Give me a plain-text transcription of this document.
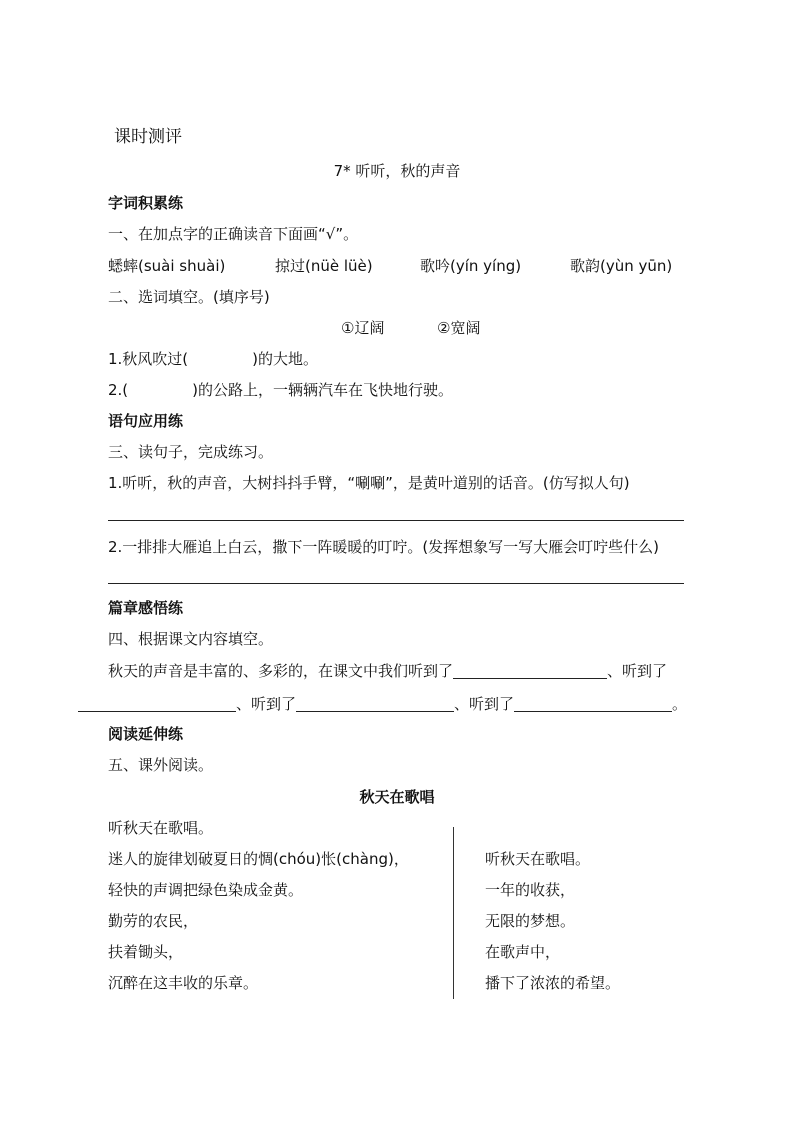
课时测评
7* 听听，秋的声音
字词积累练
一、在加点字的正确读音下面画“√”。
蟋蟀(suài shuài)	掠过(nüè lüè)	歌吟(yín yíng)	歌韵(yùn yūn)
二、选词填空。(填序号)
①辽阔	②宽阔
1.秋风吹过(	)的大地。
2.(	)的公路上，一辆辆汽车在飞快地行驶。
语句应用练
三、读句子，完成练习。
1.听听，秋的声音，大树抖抖手臂，“唰唰”，是黄叶道别的话音。(仿写拟人句)
2.一排排大雁追上白云，撒下一阵暖暖的叮咛。(发挥想象写一写大雁会叮咛些什么)
篇章感悟练
四、根据课文内容填空。
秋天的声音是丰富的、多彩的，在课文中我们听到了	、听到了
、听到了	、听到了	。
阅读延伸练
五、课外阅读。
秋天在歌唱
听秋天在歌唱。
迷人的旋律划破夏日的惆(chóu)怅(chàng)，
轻快的声调把绿色染成金黄。
勤劳的农民，
扶着锄头，
沉醉在这丰收的乐章。
听秋天在歌唱。
一年的收获，
无限的梦想。
在歌声中，
播下了浓浓的希望。
